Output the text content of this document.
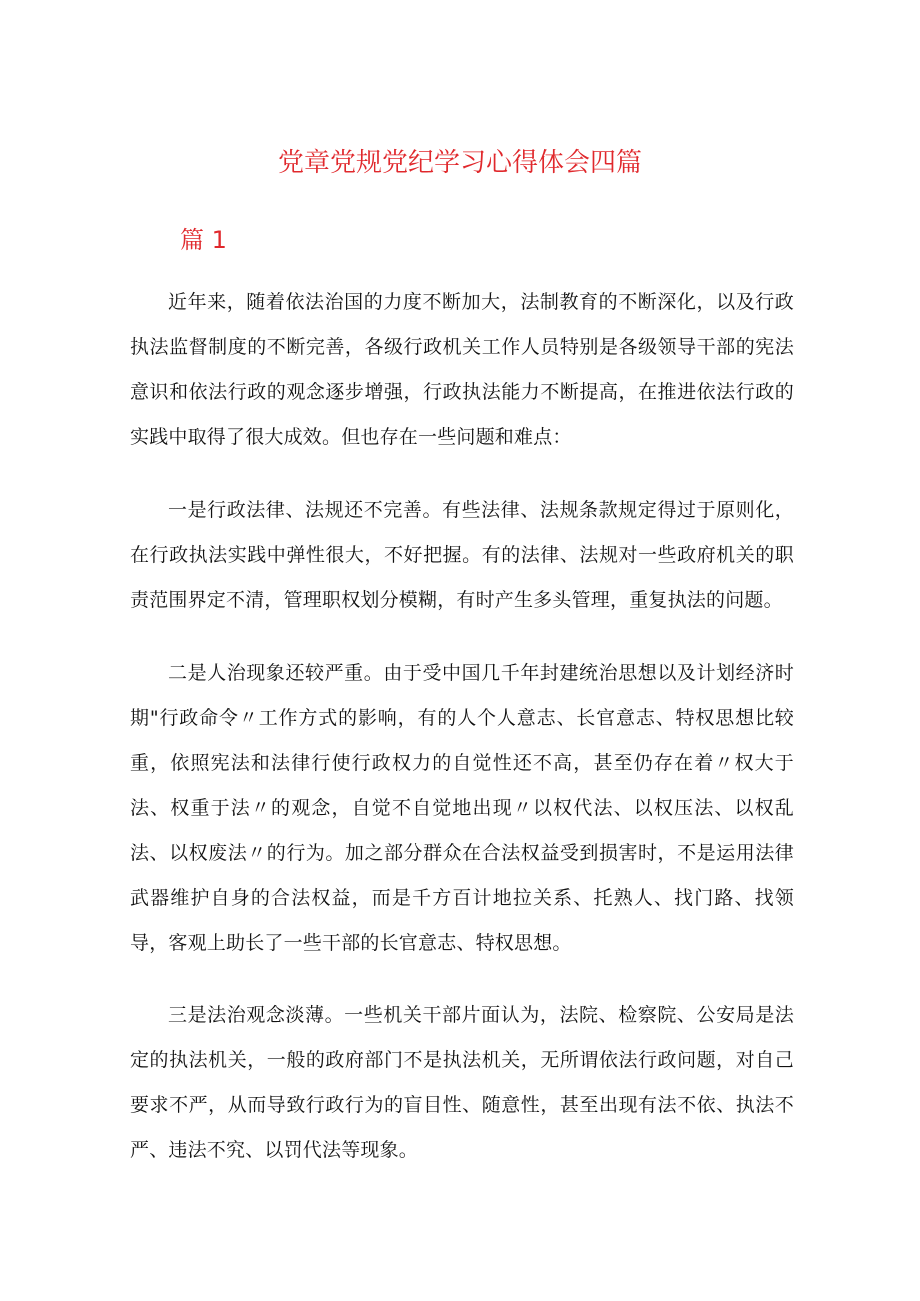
党章党规党纪学习心得体会四篇
篇 1

近年来，随着依法治国的力度不断加大，法制教育的不断深化，以及行政执法监督制度的不断完善，各级行政机关工作人员特别是各级领导干部的宪法意识和依法行政的观念逐步增强，行政执法能力不断提高，在推进依法行政的实践中取得了很大成效。但也存在一些问题和难点：

一是行政法律、法规还不完善。有些法律、法规条款规定得过于原则化，在行政执法实践中弹性很大，不好把握。有的法律、法规对一些政府机关的职责范围界定不清，管理职权划分模糊，有时产生多头管理，重复执法的问题。

二是人治现象还较严重。由于受中国几千年封建统治思想以及计划经济时期"行政命令〃工作方式的影响，有的人个人意志、长官意志、特权思想比较重，依照宪法和法律行使行政权力的自觉性还不高，甚至仍存在着〃权大于法、权重于法〃的观念，自觉不自觉地出现〃以权代法、以权压法、以权乱法、以权废法〃的行为。加之部分群众在合法权益受到损害时，不是运用法律武器维护自身的合法权益，而是千方百计地拉关系、托熟人、找门路、找领导，客观上助长了一些干部的长官意志、特权思想。

三是法治观念淡薄。一些机关干部片面认为，法院、检察院、公安局是法定的执法机关，一般的政府部门不是执法机关，无所谓依法行政问题，对自己要求不严，从而导致行政行为的盲目性、随意性，甚至出现有法不依、执法不严、违法不究、以罚代法等现象。
